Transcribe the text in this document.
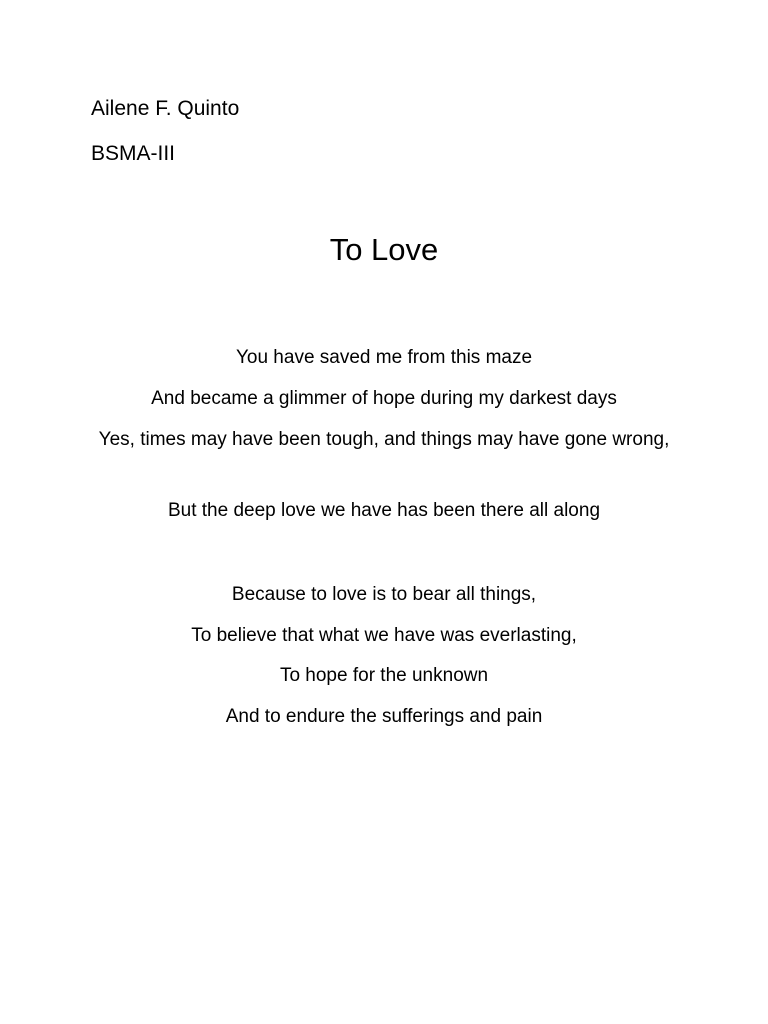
Ailene F. Quinto
BSMA-III
To Love
You have saved me from this maze
And became a glimmer of hope during my darkest days
Yes, times may have been tough, and things may have gone wrong,
But the deep love we have has been there all along
Because to love is to bear all things,
To believe that what we have was everlasting,
To hope for the unknown
And to endure the sufferings and pain
